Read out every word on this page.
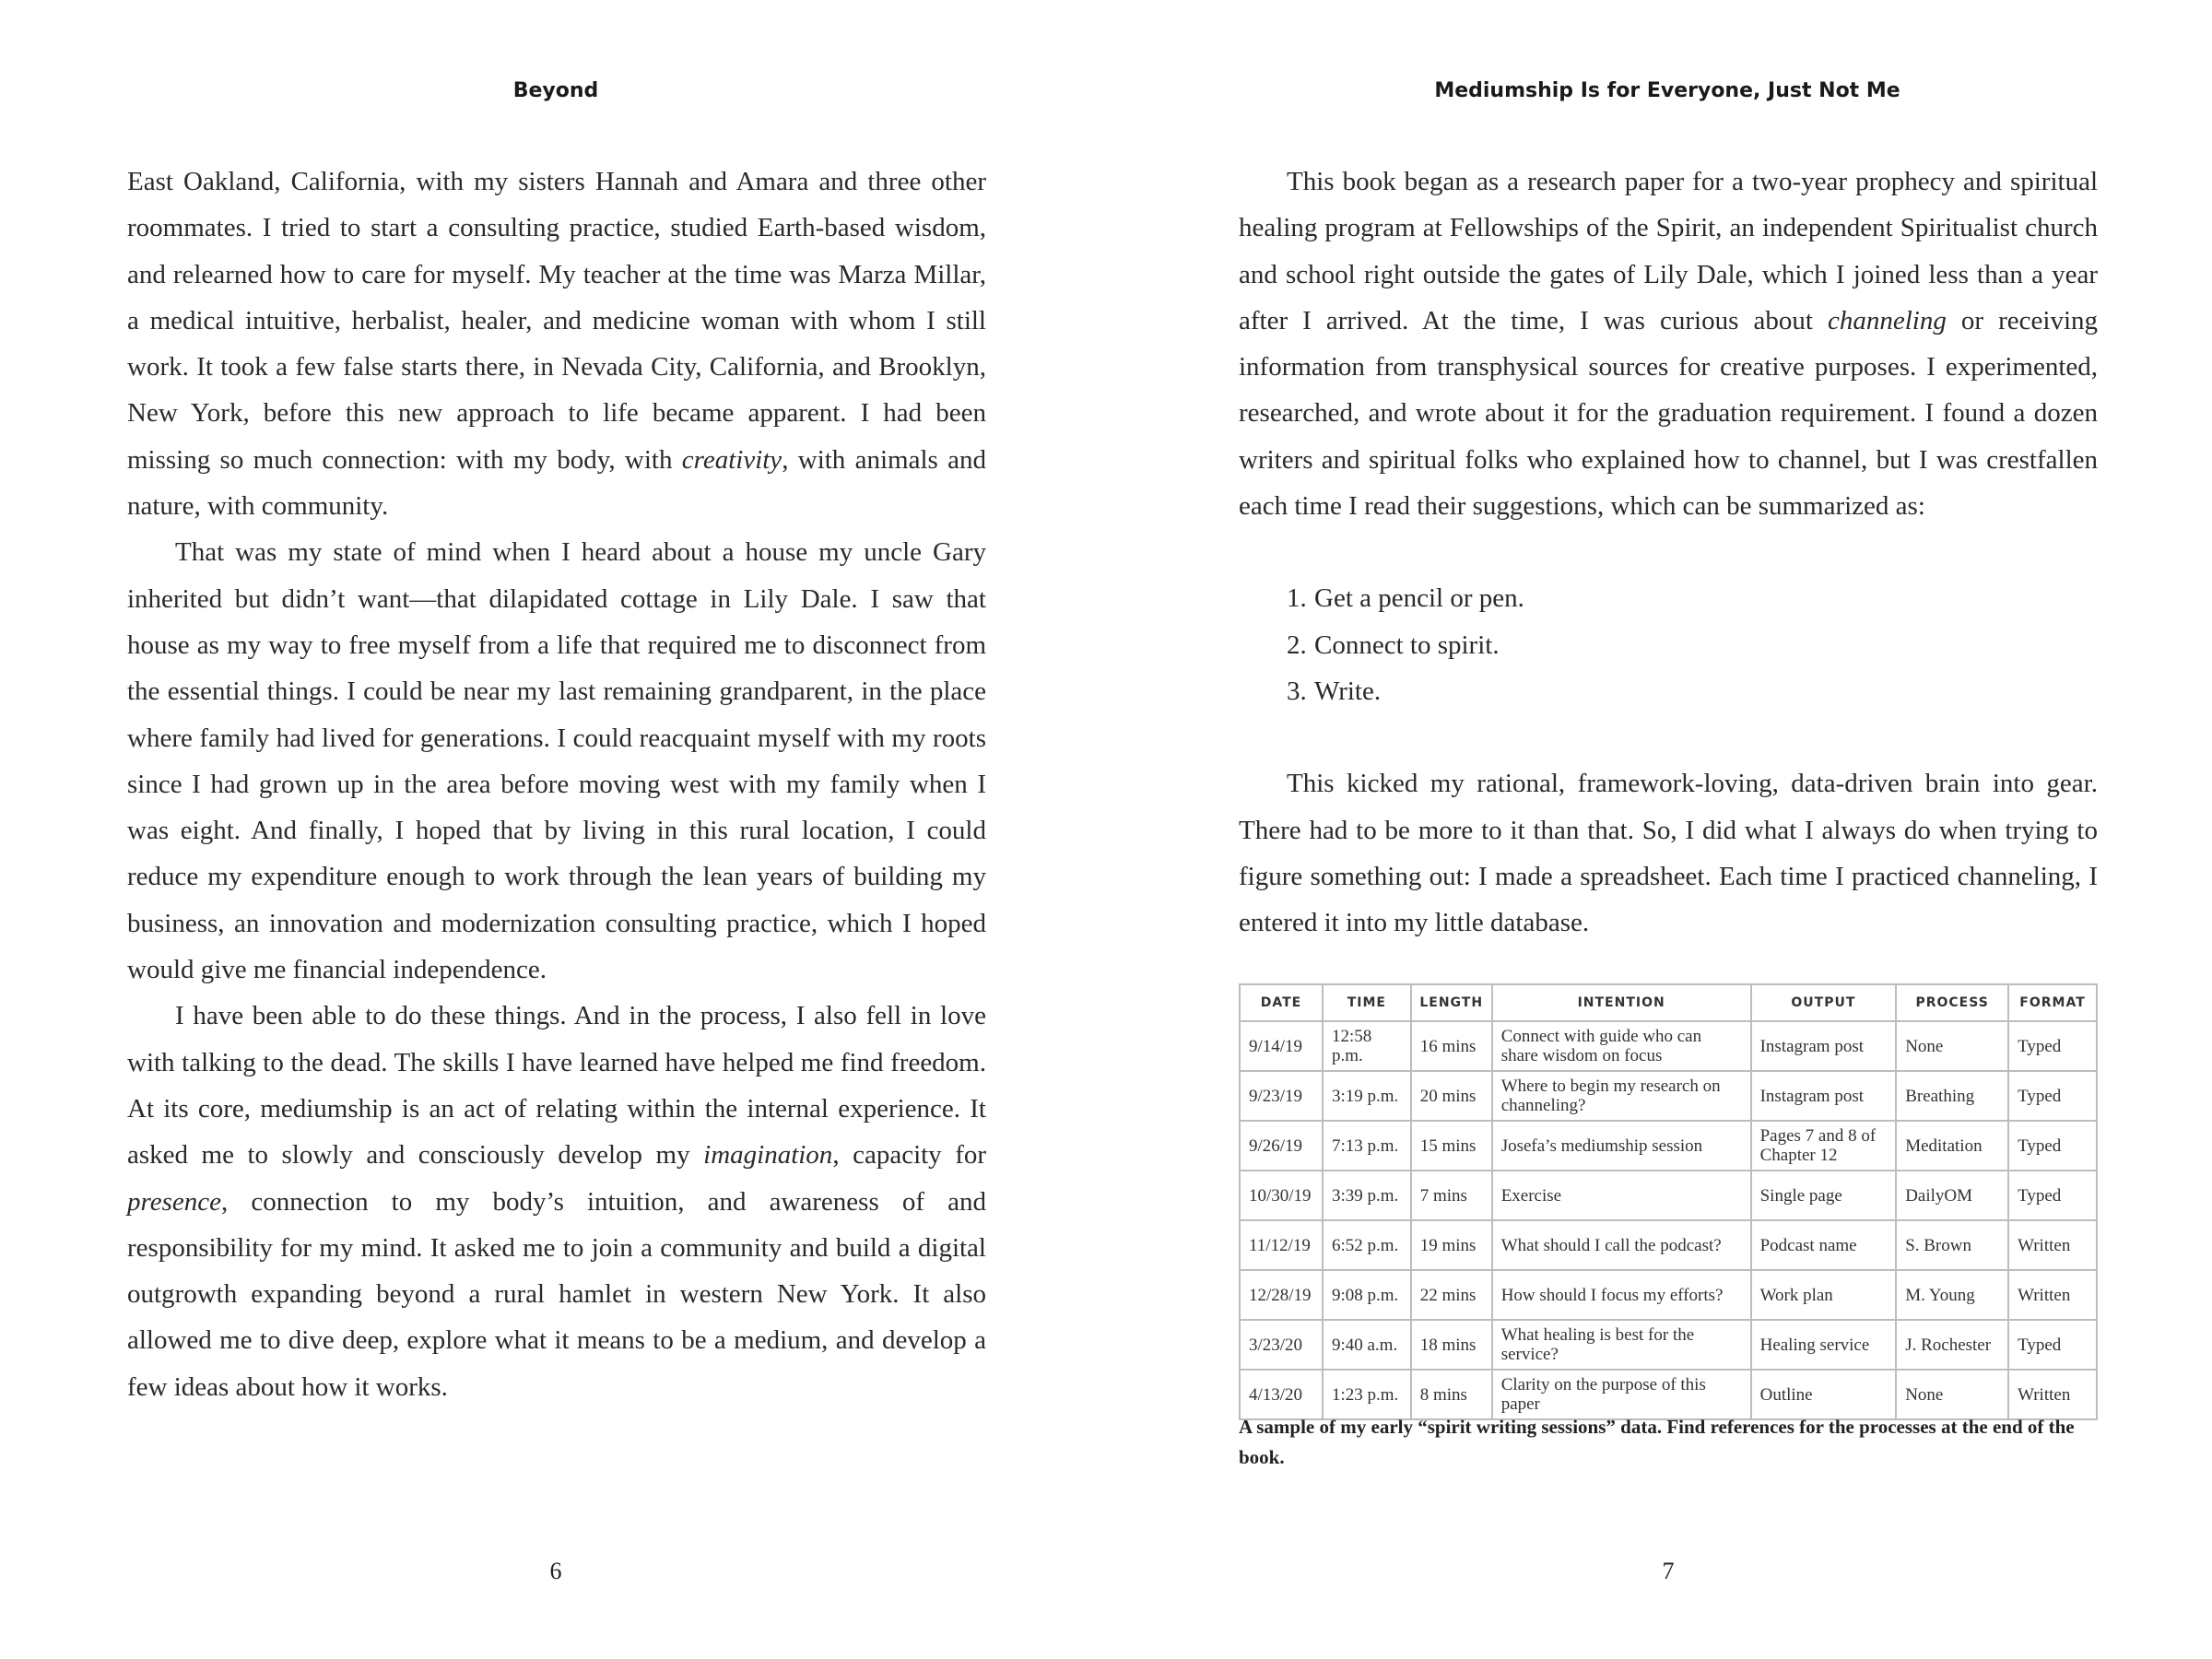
Beyond

East Oakland, California, with my sisters Hannah and Amara and three other roommates. I tried to start a consulting practice, studied Earth-based wisdom, and relearned how to care for myself. My teacher at the time was Marza Millar, a medical intuitive, herbalist, healer, and medicine woman with whom I still work. It took a few false starts there, in Nevada City, California, and Brooklyn, New York, before this new approach to life became apparent. I had been missing so much connection: with my body, with creativity, with animals and nature, with community.

That was my state of mind when I heard about a house my uncle Gary inherited but didn’t want—that dilapidated cottage in Lily Dale. I saw that house as my way to free myself from a life that required me to disconnect from the essential things. I could be near my last remaining grandparent, in the place where family had lived for generations. I could reacquaint myself with my roots since I had grown up in the area before moving west with my family when I was eight. And finally, I hoped that by living in this rural location, I could reduce my expenditure enough to work through the lean years of building my business, an innovation and modernization consulting practice, which I hoped would give me financial independence.

I have been able to do these things. And in the process, I also fell in love with talking to the dead. The skills I have learned have helped me find freedom. At its core, mediumship is an act of relating within the internal experience. It asked me to slowly and consciously develop my imagination, capacity for presence, connection to my body’s intuition, and awareness of and responsibility for my mind. It asked me to join a community and build a digital outgrowth expanding beyond a rural hamlet in western New York. It also allowed me to dive deep, explore what it means to be a medium, and develop a few ideas about how it works.

6
Mediumship Is for Everyone, Just Not Me

This book began as a research paper for a two-year prophecy and spiritual healing program at Fellowships of the Spirit, an independent Spiritualist church and school right outside the gates of Lily Dale, which I joined less than a year after I arrived. At the time, I was curious about channeling or receiving information from transphysical sources for creative purposes. I experimented, researched, and wrote about it for the graduation requirement. I found a dozen writers and spiritual folks who explained how to channel, but I was crestfallen each time I read their suggestions, which can be summarized as:

1. Get a pencil or pen.
2. Connect to spirit.
3. Write.

This kicked my rational, framework-loving, data-driven brain into gear. There had to be more to it than that. So, I did what I always do when trying to figure something out: I made a spreadsheet. Each time I practiced channeling, I entered it into my little database.

DATE	TIME	LENGTH	INTENTION	OUTPUT	PROCESS	FORMAT
9/14/19	12:58 p.m.	16 mins	Connect with guide who can share wisdom on focus	Instagram post	None	Typed
9/23/19	3:19 p.m.	20 mins	Where to begin my research on channeling?	Instagram post	Breathing	Typed
9/26/19	7:13 p.m.	15 mins	Josefa’s mediumship session	Pages 7 and 8 of Chapter 12	Meditation	Typed
10/30/19	3:39 p.m.	7 mins	Exercise	Single page	DailyOM	Typed
11/12/19	6:52 p.m.	19 mins	What should I call the podcast?	Podcast name	S. Brown	Written
12/28/19	9:08 p.m.	22 mins	How should I focus my efforts?	Work plan	M. Young	Written
3/23/20	9:40 a.m.	18 mins	What healing is best for the service?	Healing service	J. Rochester	Typed
4/13/20	1:23 p.m.	8 mins	Clarity on the purpose of this paper	Outline	None	Written
A sample of my early “spirit writing sessions” data. Find references for the processes at the end of the book.
7
